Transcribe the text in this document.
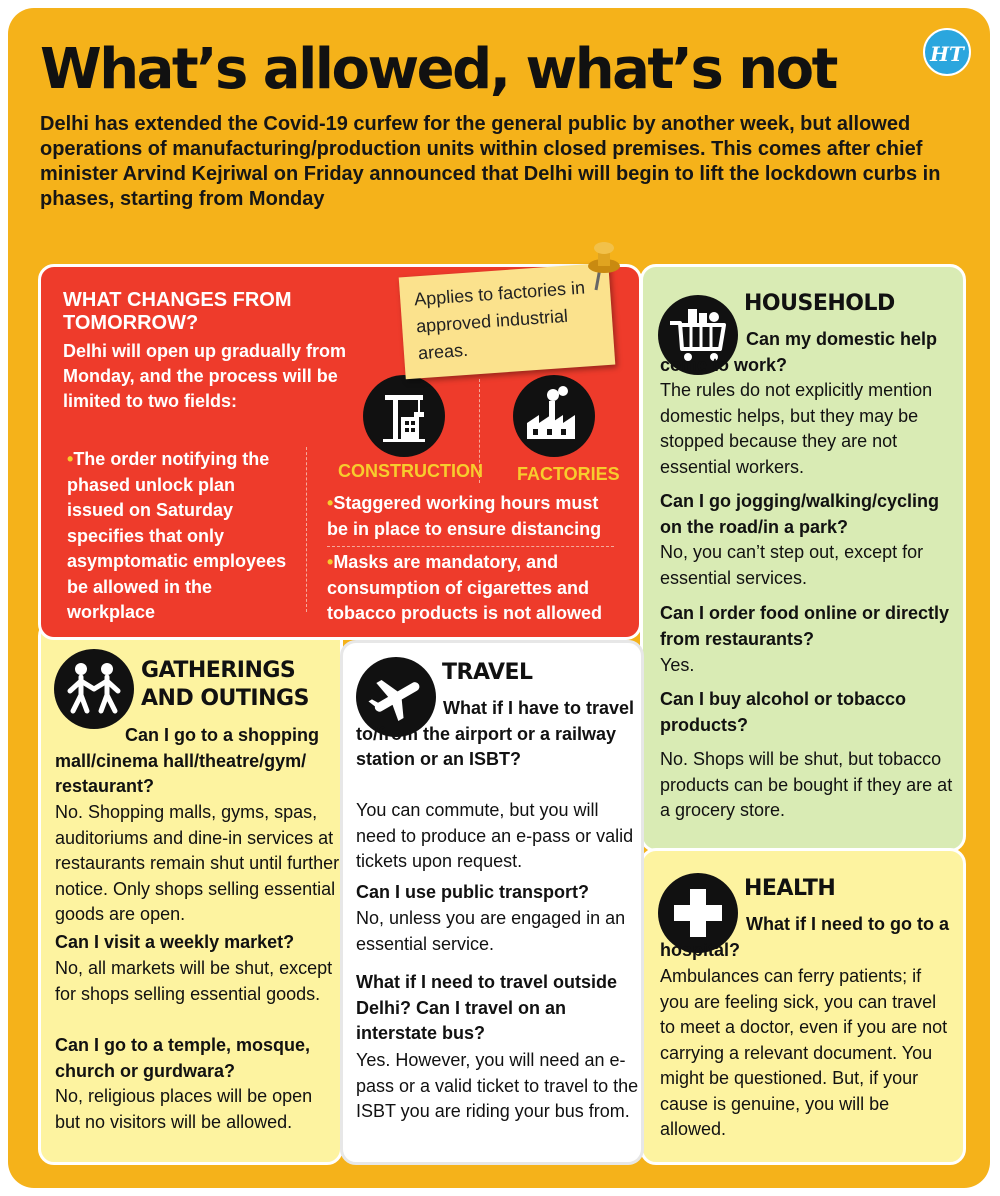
What’s allowed, what’s not	HT

Delhi has extended the Covid-19 curfew for the general public by another week, but allowed operations of manufacturing/production units within closed premises. This comes after chief minister Arvind Kejriwal on Friday announced that Delhi will begin to lift the lockdown curbs in phases, starting from Monday

WHAT CHANGES FROM TOMORROW?

Delhi will open up gradually from Monday, and the process will be limited to two fields:

CONSTRUCTION FACTORIES

•The order notifying the phased unlock plan issued on Saturday specifies that only asymptomatic employees be allowed in the workplace

•Staggered working hours must be in place to ensure distancing

•Masks are mandatory, and consumption of cigarettes and tobacco products is not allowed

Applies to factories in approved industrial areas.

GATHERINGS

AND OUTINGS

Can I go to a shopping mall/cinema hall/theatre/gym/ restaurant?

No. Shopping malls, gyms, spas, auditoriums and dine-in services at restaurants remain shut until further notice. Only shops selling essential goods are open.

Can I visit a weekly market?

No, all markets will be shut, except for shops selling essential goods.

Can I go to a temple, mosque, church or gurdwara?

No, religious places will be open but no visitors will be allowed.

TRAVEL

What if I have to travel to/from the airport or a railway station or an ISBT?

You can commute, but you will need to produce an e-pass or valid tickets upon request.

Can I use public transport?

No, unless you are engaged in an essential service.

What if I need to travel outside Delhi? Can I travel on an interstate bus?

Yes. However, you will need an e-pass or a valid ticket to travel to the ISBT you are riding your bus from.

HOUSEHOLD

Can my domestic help come to work?

The rules do not explicitly mention domestic helps, but they may be stopped because they are not essential workers.

Can I go jogging/walking/cycling on the road/in a park?

No, you can’t step out, except for essential services.

Can I order food online or directly from restaurants?

Yes.

Can I buy alcohol or tobacco products?

No. Shops will be shut, but tobacco products can be bought if they are at a grocery store.

HEALTH

What if I need to go to a hospital?

Ambulances can ferry patients; if you are feeling sick, you can travel to meet a doctor, even if you are not carrying a relevant document. You might be questioned. But, if your cause is genuine, you will be allowed.
